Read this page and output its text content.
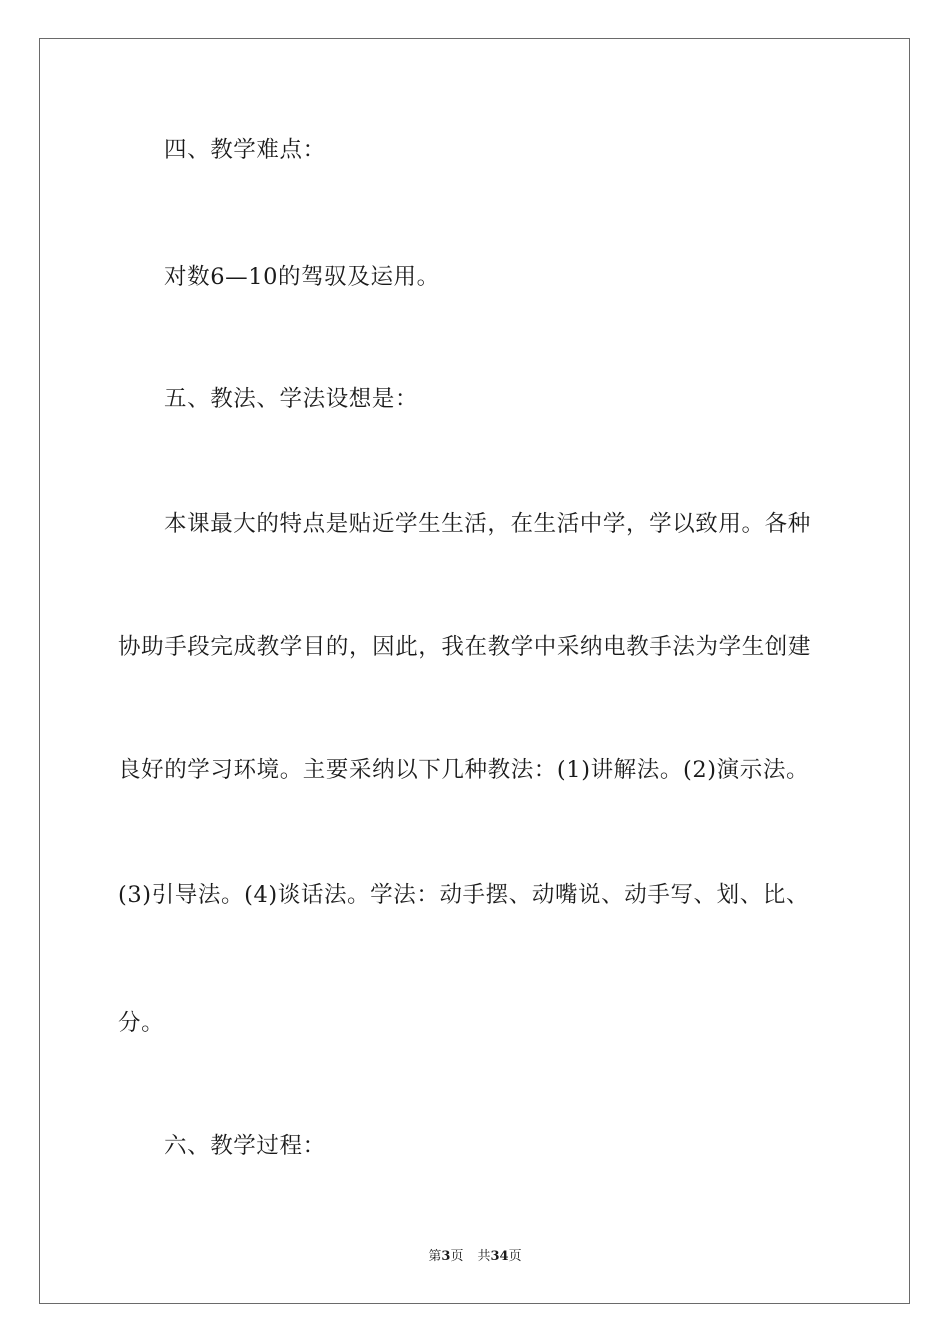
四、教学难点：
对数6—10的驾驭及运用。
五、教法、学法设想是：
本课最大的特点是贴近学生生活，在生活中学，学以致用。各种
协助手段完成教学目的，因此，我在教学中采纳电教手法为学生创建
良好的学习环境。主要采纳以下几种教法：(1)讲解法。(2)演示法。
(3)引导法。(4)谈话法。学法：动手摆、动嘴说、动手写、划、比、
分。
六、教学过程：
第3页 共34页
